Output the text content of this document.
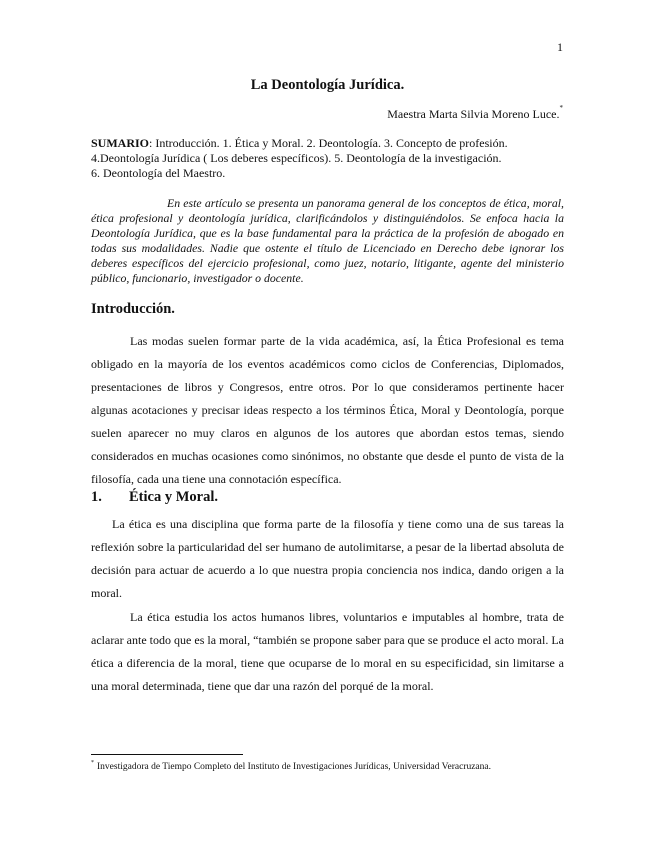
1
La Deontología Jurídica.
Maestra Marta Silvia Moreno Luce.*
SUMARIO: Introducción. 1. Ética y Moral. 2. Deontología. 3. Concepto de profesión.
4.Deontología Jurídica ( Los deberes específicos). 5. Deontología de la investigación.
6. Deontología del Maestro.
En este artículo se presenta un panorama general de los conceptos de ética, moral, ética profesional y deontología jurídica, clarificándolos y distinguiéndolos. Se enfoca hacia la Deontología Jurídica, que es la base fundamental para la práctica de la profesión de abogado en todas sus modalidades. Nadie que ostente el título de Licenciado en Derecho debe ignorar los deberes específicos del ejercicio profesional, como juez, notario, litigante, agente del ministerio público, funcionario, investigador o docente.
Introducción.

Las modas suelen formar parte de la vida académica, así, la Ética Profesional es tema obligado en la mayoría de los eventos académicos como ciclos de Conferencias, Diplomados, presentaciones de libros y Congresos, entre otros. Por lo que consideramos pertinente hacer algunas acotaciones y precisar ideas respecto a los términos Ética, Moral y Deontología, porque suelen aparecer no muy claros en algunos de los autores que abordan estos temas, siendo considerados en muchas ocasiones como sinónimos, no obstante que desde el punto de vista de la filosofía, cada una tiene una connotación específica.

1. Ética y Moral.

La ética es una disciplina que forma parte de la filosofía y tiene como una de sus tareas la reflexión sobre la particularidad del ser humano de autolimitarse, a pesar de la libertad absoluta de decisión para actuar de acuerdo a lo que nuestra propia conciencia nos indica, dando origen a la moral.

La ética estudia los actos humanos libres, voluntarios e imputables al hombre, trata de aclarar ante todo que es la moral, “también se propone saber para que se produce el acto moral. La ética a diferencia de la moral, tiene que ocuparse de lo moral en su especificidad, sin limitarse a una moral determinada, tiene que dar una razón del porqué de la moral.

* Investigadora de Tiempo Completo del Instituto de Investigaciones Jurídicas, Universidad Veracruzana.
